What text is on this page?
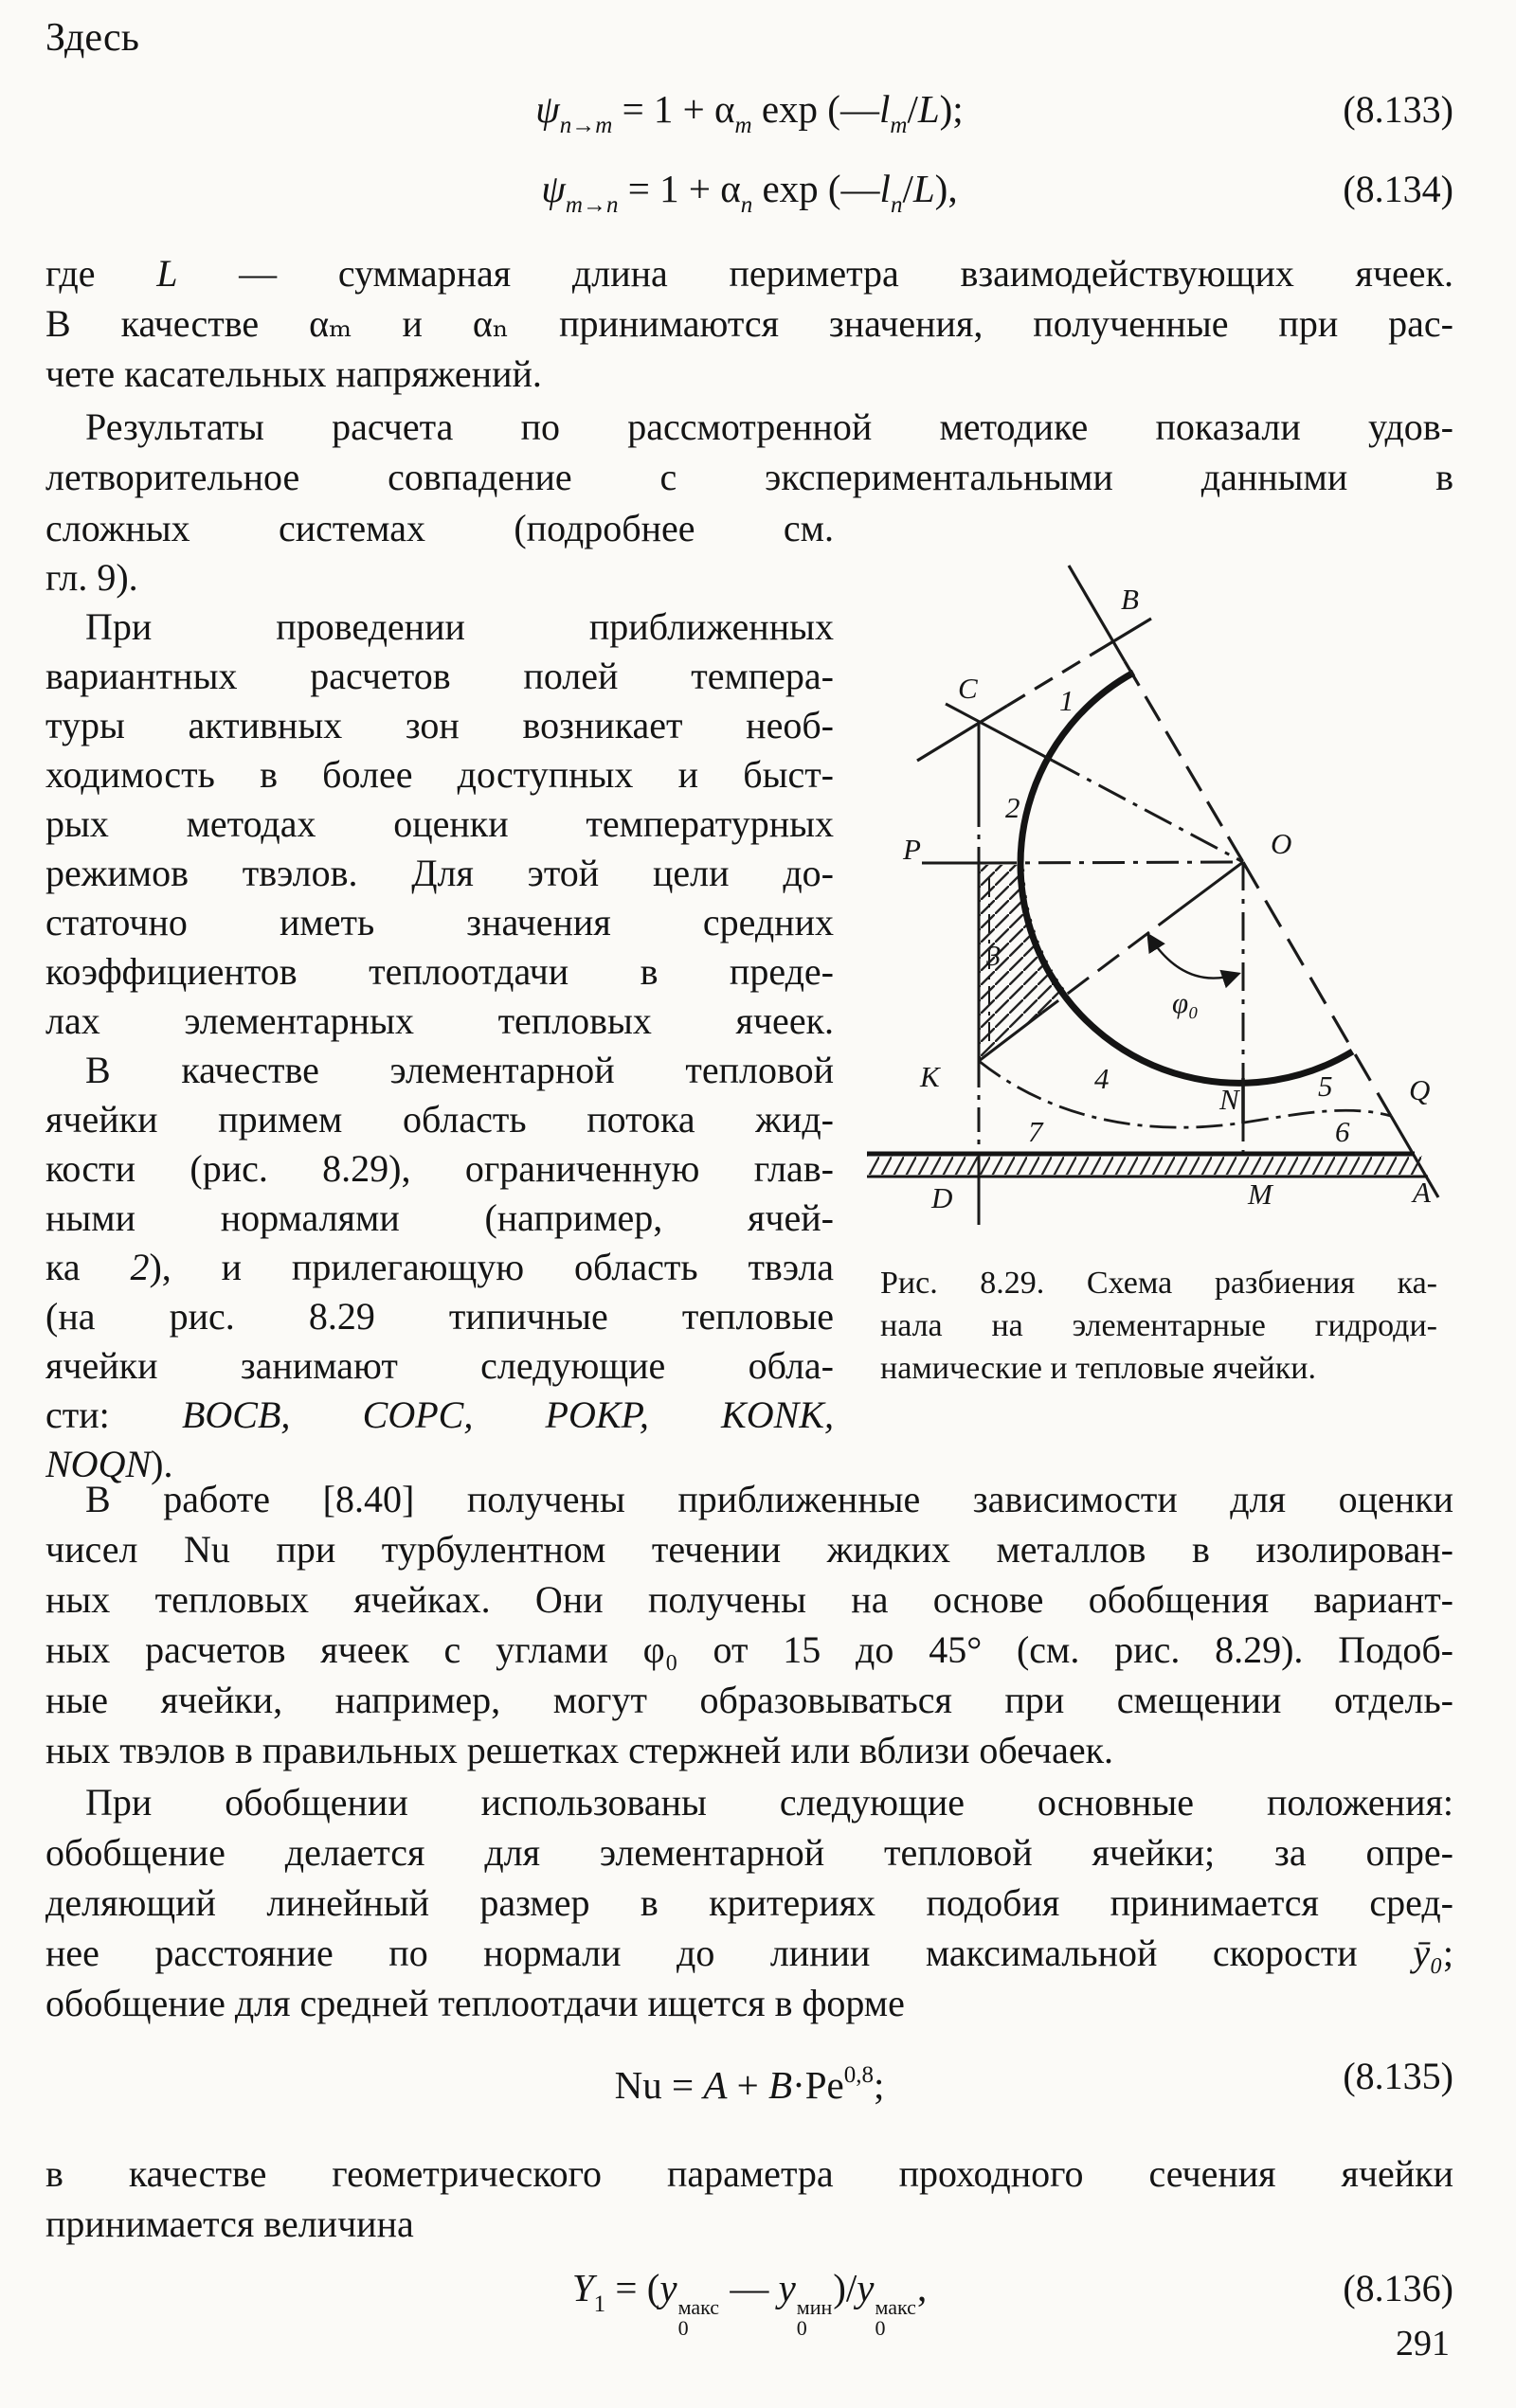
Здесь
$\psi_{n\to m} = 1 + \alpha_m$ $\exp (—l_m/L)$;	(8.133)
$\psi_{m\to n} = 1 + \alpha_n$ $\exp (—l_n/L)$,	(8.134)
где L — суммарная длина периметра взаимодействующих ячеек.
В качестве αₘ и αₙ принимаются значения, полученные при рас-
чете касательных напряжений.
Результаты расчета по рассмотренной методике показали удов-
летворительное совпадение с экспериментальными данными в
сложных системах (подробнее см.
гл. 9).
При проведении приближенных
вариантных расчетов полей темпера-
туры активных зон возникает необ-
ходимость в более доступных и быст-
рых методах оценки температурных
режимов твэлов. Для этой цели до-
статочно иметь значения средних
коэффициентов теплоотдачи в преде-
лах элементарных тепловых ячеек.
В качестве элементарной тепловой
ячейки примем область потока жид-
кости (рис. 8.29), ограниченную глав-
ными нормалями (например, ячей-
ка 2), и прилегающую область твэла
(на рис. 8.29 типичные тепловые
ячейки занимают следующие обла-
сти: BOCB, COPC, POKP, KONK,
NOQN).
B
C	1
2
P	O
3
φ₀
K	4
N	5	Q
7	6
D	M	A
Рис. 8.29. Схема разбиения ка-
нала на элементарные гидроди-
намические и тепловые ячейки.
В работе [8.40] получены приближенные зависимости для оценки
чисел Nu при турбулентном течении жидких металлов в изолирован-
ных тепловых ячейках. Они получены на основе обобщения вариант-
ных расчетов ячеек с углами φ₀ от 15 до 45° (см. рис. 8.29). Подоб-
ные ячейки, например, могут образовываться при смещении отдель-
ных твэлов в правильных решетках стержней или вблизи обечаек.
При обобщении использованы следующие основные положения:
обобщение делается для элементарной тепловой ячейки; за опре-
деляющий линейный размер в критериях подобия принимается сред-
нее расстояние по нормали до линии максимальной скорости ȳ₀;
обобщение для средней теплоотдачи ищется в форме
Nu = A + B·Pe$^{0,8}$;	(8.135)
в качестве геометрического параметра проходного сечения ячейки
принимается величина
$Y_1 = (y$ макс
0
— y мин
0
)/y макс
0
,	(8.136)
291
